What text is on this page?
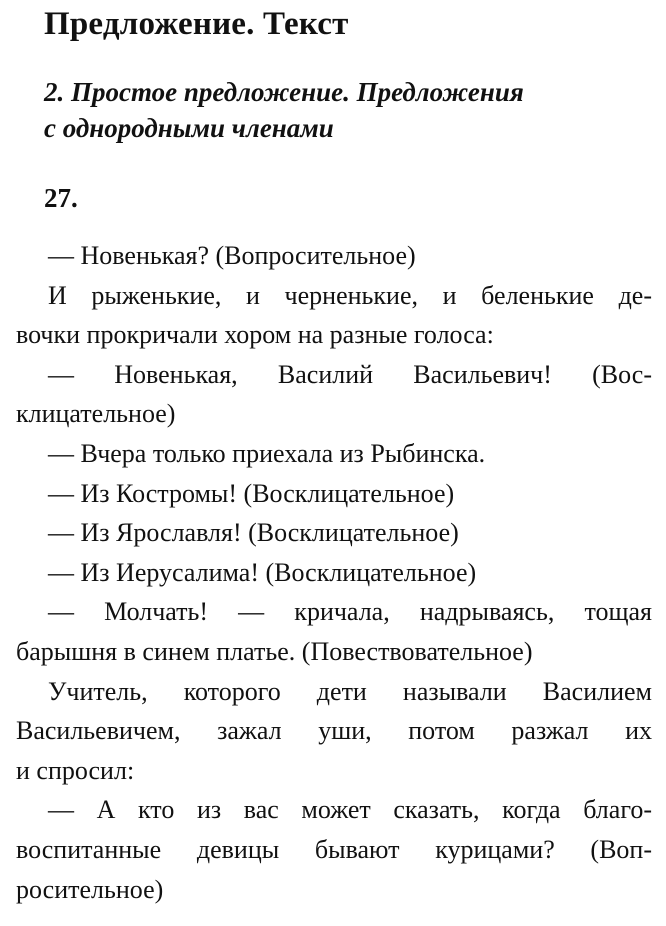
Предложение. Текст
2. Простое предложение. Предложения
с однородными членами
27.
— Новенькая? (Вопросительное)
И рыженькие, и черненькие, и беленькие де-
вочки прокричали хором на разные голоса:
— Новенькая, Василий Васильевич! (Вос-
клицательное)
— Вчера только приехала из Рыбинска.
— Из Костромы! (Восклицательное)
— Из Ярославля! (Восклицательное)
— Из Иерусалима! (Восклицательное)
— Молчать! — кричала, надрываясь, тощая
барышня в синем платье. (Повествовательное)
Учитель, которого дети называли Василием
Васильевичем, зажал уши, потом разжал их
и спросил:
— А кто из вас может сказать, когда благо-
воспитанные девицы бывают курицами? (Воп-
росительное)
